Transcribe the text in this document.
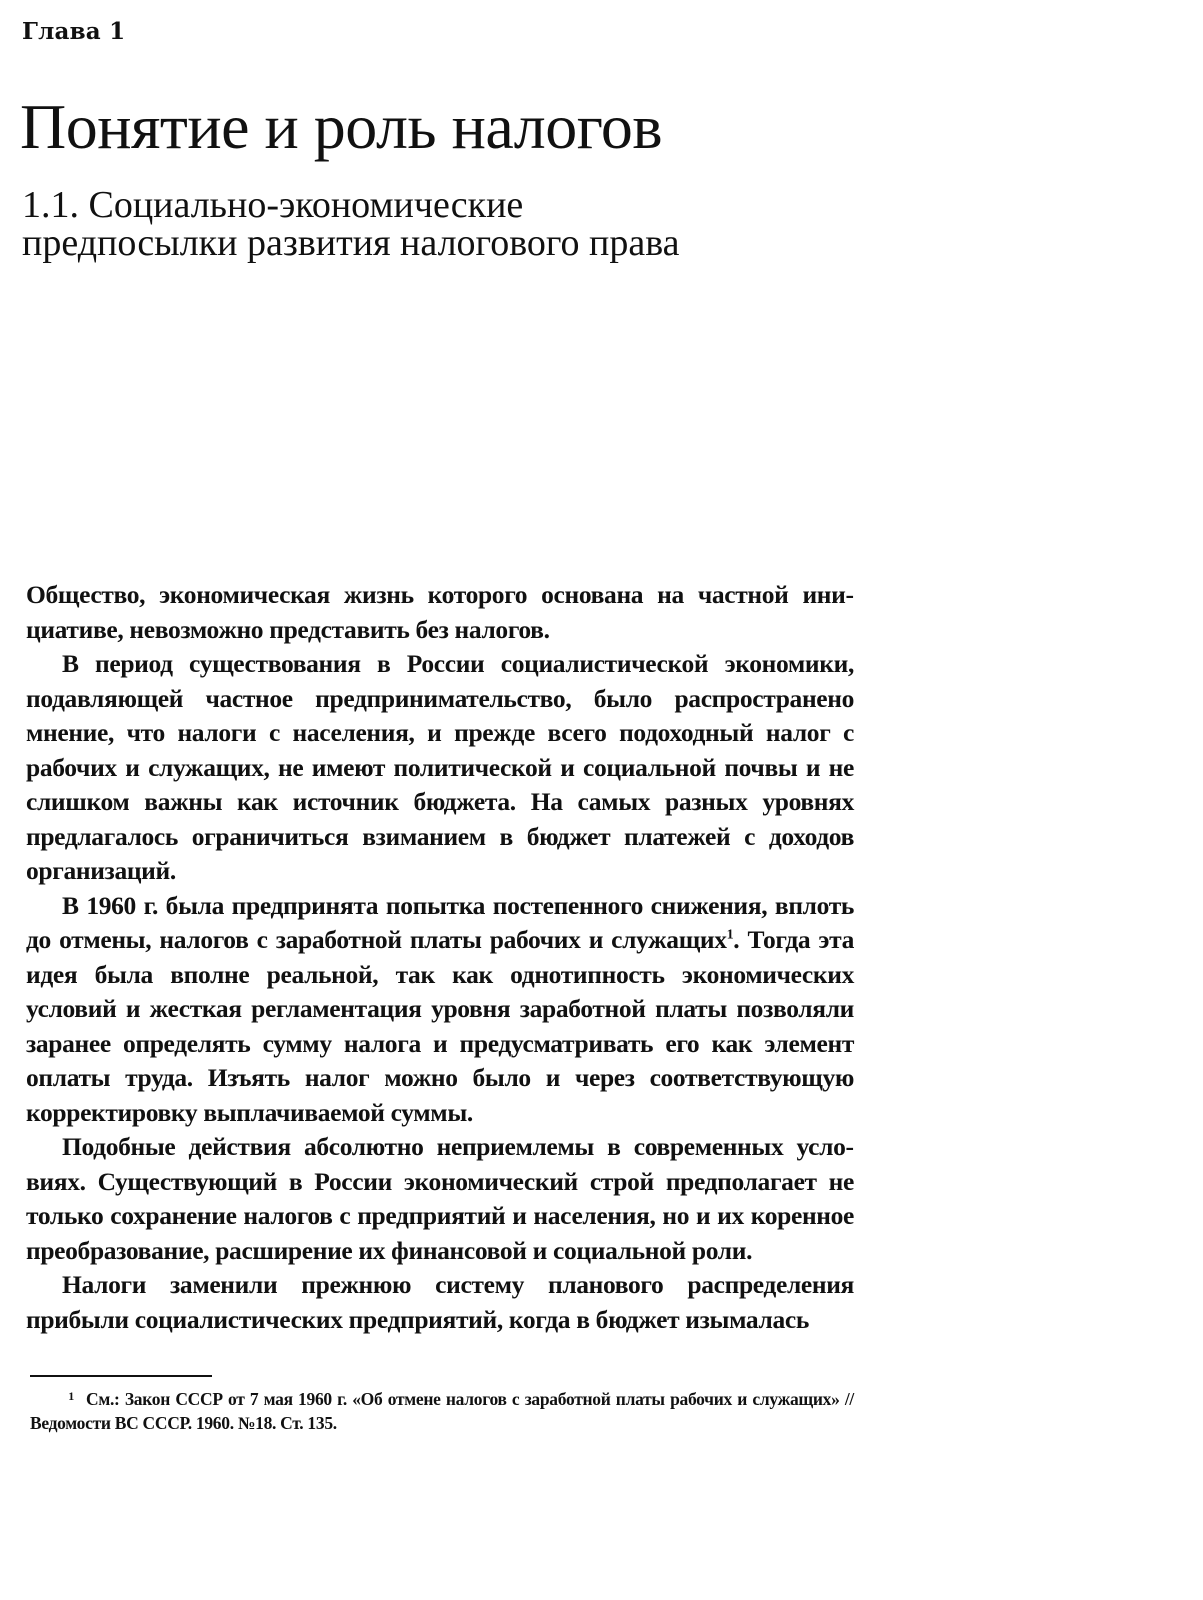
Глава 1
Понятие и роль налогов
1.1. Социально-экономические
предпосылки развития налогового права

Общество, экономическая жизнь которого основана на частной инициативе, невозможно представить без налогов.

В период существования в России социалистической экономики, подавляющей частное предпринимательство, было распространено мнение, что налоги с населения, и прежде всего подоходный налог с рабочих и служащих, не имеют политической и социальной почвы и не слишком важны как источник бюджета. На самых разных уровнях предлагалось ограничиться взиманием в бюджет платежей с доходов организаций.

В 1960 г. была предпринята попытка постепенного снижения, вплоть до отмены, налогов с заработной платы рабочих и служащих$^1$. Тогда эта идея была вполне реальной, так как однотипность экономических условий и жесткая регламентация уровня заработной платы позволяли заранее определять сумму налога и предусматривать его как элемент оплаты труда. Изъять налог можно было и через соответствующую корректировку выплачиваемой суммы.

Подобные действия абсолютно неприемлемы в современных условиях. Существующий в России экономический строй предполагает не только сохранение налогов с предприятий и населения, но и их коренное преобразование, расширение их финансовой и социальной роли.

Налоги заменили прежнюю систему планового распределения прибыли социалистических предприятий, когда в бюджет изымалась

1 См.: Закон СССР от 7 мая 1960 г. «Об отмене налогов с заработной платы рабочих и служащих» // Ведомости ВС СССР. 1960. №18. Ст. 135.
